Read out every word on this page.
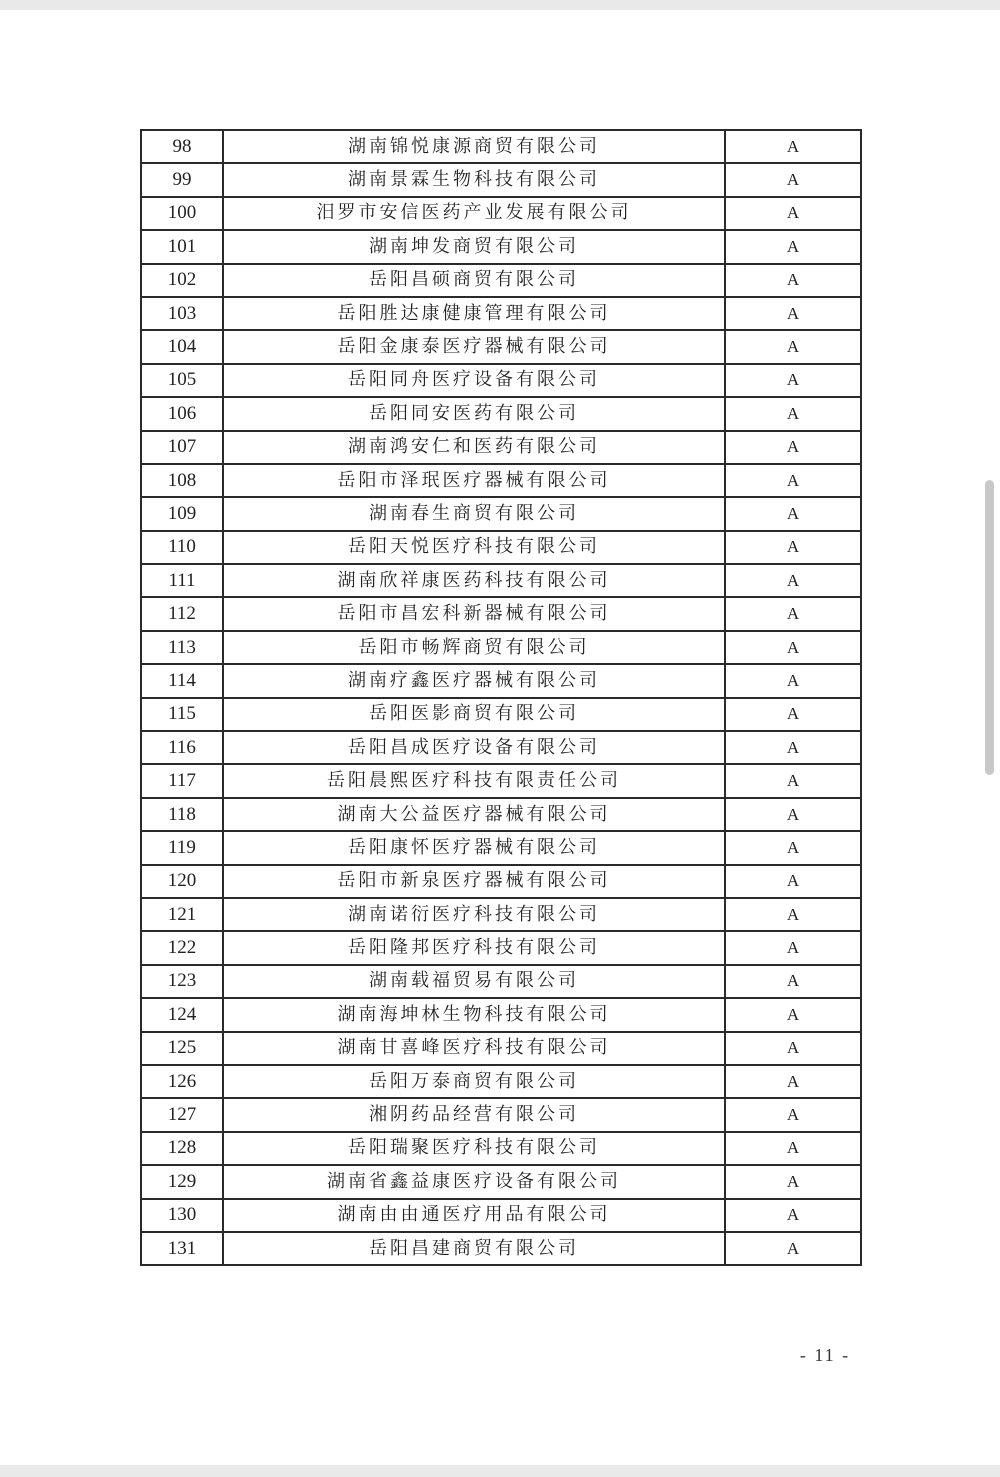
98	湖南锦悦康源商贸有限公司	A
99	湖南景霖生物科技有限公司	A
100	汨罗市安信医药产业发展有限公司	A
101	湖南坤发商贸有限公司	A
102	岳阳昌硕商贸有限公司	A
103	岳阳胜达康健康管理有限公司	A
104	岳阳金康泰医疗器械有限公司	A
105	岳阳同舟医疗设备有限公司	A
106	岳阳同安医药有限公司	A
107	湖南鸿安仁和医药有限公司	A
108	岳阳市泽珉医疗器械有限公司	A
109	湖南春生商贸有限公司	A
110	岳阳天悦医疗科技有限公司	A
111	湖南欣祥康医药科技有限公司	A
112	岳阳市昌宏科新器械有限公司	A
113	岳阳市畅辉商贸有限公司	A
114	湖南疗鑫医疗器械有限公司	A
115	岳阳医影商贸有限公司	A
116	岳阳昌成医疗设备有限公司	A
117	岳阳晨熙医疗科技有限责任公司	A
118	湖南大公益医疗器械有限公司	A
119	岳阳康怀医疗器械有限公司	A
120	岳阳市新泉医疗器械有限公司	A
121	湖南诺衍医疗科技有限公司	A
122	岳阳隆邦医疗科技有限公司	A
123	湖南载福贸易有限公司	A
124	湖南海坤林生物科技有限公司	A
125	湖南甘喜峰医疗科技有限公司	A
126	岳阳万泰商贸有限公司	A
127	湘阴药品经营有限公司	A
128	岳阳瑞聚医疗科技有限公司	A
129	湖南省鑫益康医疗设备有限公司	A
130	湖南由由通医疗用品有限公司	A
131	岳阳昌建商贸有限公司	A
- 11 -
